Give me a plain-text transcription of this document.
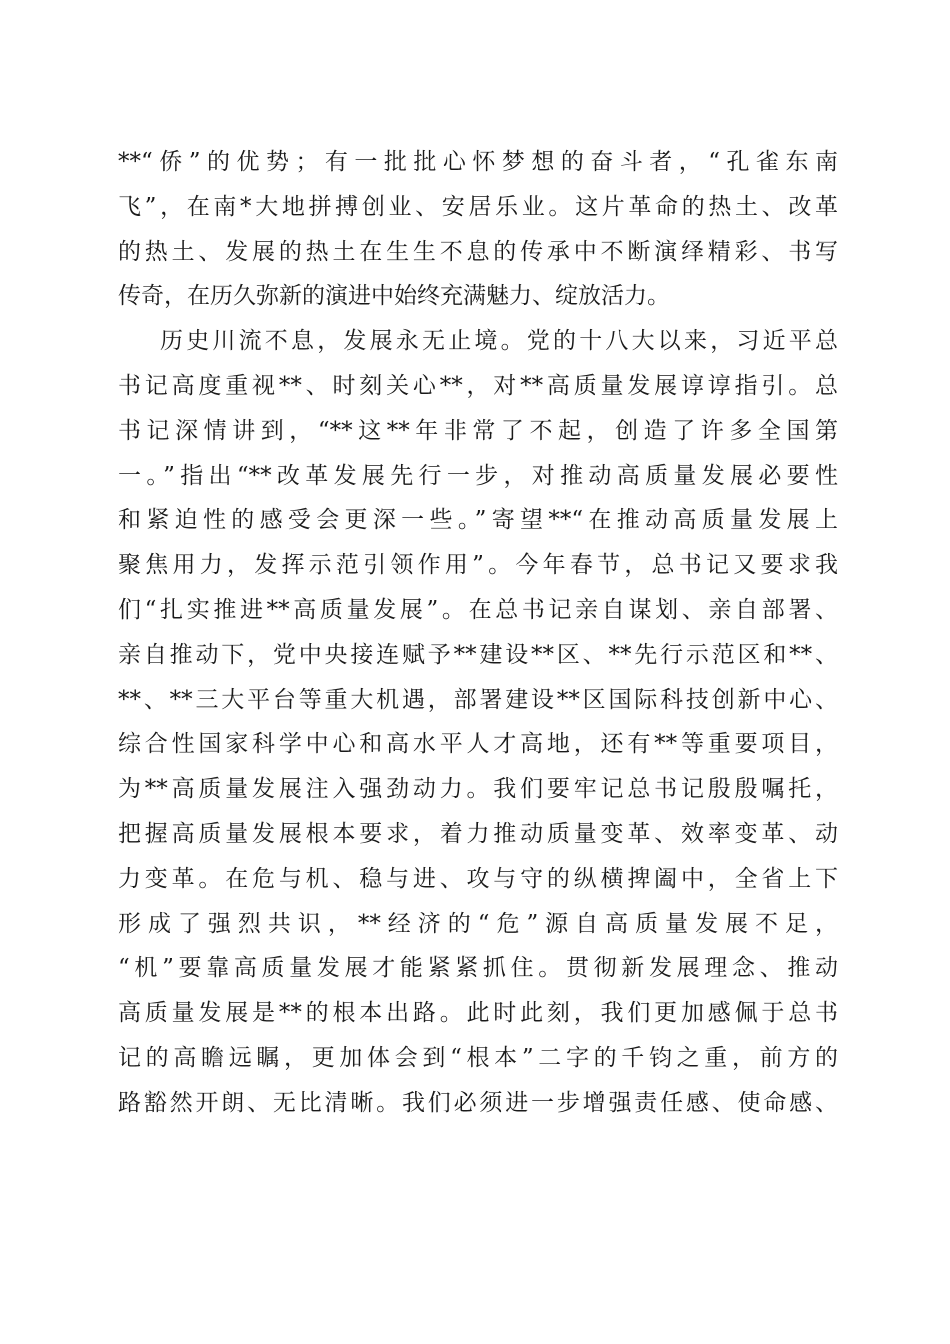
**“侨”的优势；有一批批心怀梦想的奋斗者，“孔雀东南
飞”，在南*大地拼搏创业、安居乐业。这片革命的热土、改革
的热土、发展的热土在生生不息的传承中不断演绎精彩、书写
传奇，在历久弥新的演进中始终充满魅力、绽放活力。
历史川流不息，发展永无止境。党的十八大以来，习近平总
书记高度重视**、时刻关心**，对**高质量发展谆谆指引。总
书记深情讲到，“**这**年非常了不起，创造了许多全国第
一。”指出“**改革发展先行一步，对推动高质量发展必要性
和紧迫性的感受会更深一些。”寄望**“在推动高质量发展上
聚焦用力，发挥示范引领作用”。今年春节，总书记又要求我
们“扎实推进**高质量发展”。在总书记亲自谋划、亲自部署、
亲自推动下，党中央接连赋予**建设**区、**先行示范区和**、
**、**三大平台等重大机遇，部署建设**区国际科技创新中心、
综合性国家科学中心和高水平人才高地，还有**等重要项目，
为**高质量发展注入强劲动力。我们要牢记总书记殷殷嘱托，
把握高质量发展根本要求，着力推动质量变革、效率变革、动
力变革。在危与机、稳与进、攻与守的纵横捭阖中，全省上下
形成了强烈共识，**经济的“危”源自高质量发展不足，
“机”要靠高质量发展才能紧紧抓住。贯彻新发展理念、推动
高质量发展是**的根本出路。此时此刻，我们更加感佩于总书
记的高瞻远瞩，更加体会到“根本”二字的千钧之重，前方的
路豁然开朗、无比清晰。我们必须进一步增强责任感、使命感、
